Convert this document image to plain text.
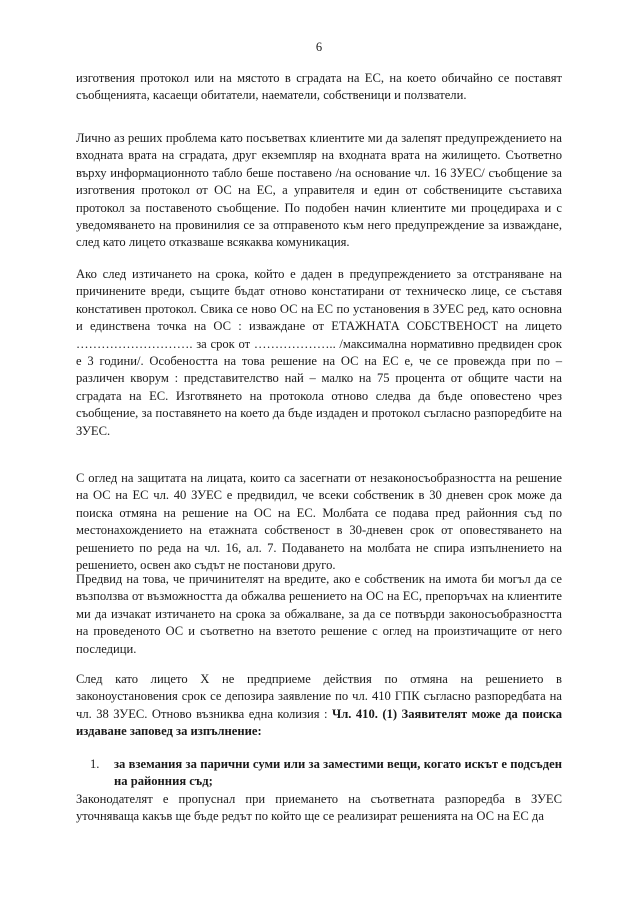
6

изготвения протокол или на мястото в сградата на ЕС, на което обичайно се поставят съобщенията, касаещи обитатели, наематели, собственици и ползватели.

Лично аз реших проблема като посъветвах клиентите ми да залепят предупреждението на входната врата на сградата, друг екземпляр на входната врата на жилището. Съответно върху информационното табло беше поставено /на основание чл. 16 ЗУЕС/ съобщение за изготвения протокол от ОС на ЕС, а управителя и един от собствениците съставиха протокол за поставеното съобщение. По подобен начин клиентите ми процедираха и с уведомяването на провинилия се за отправеното към него предупреждение за изваждане, след като лицето отказваше всякаква комуникация.

Ако след изтичането на срока, който е даден в предупреждението за отстраняване на причинените вреди, същите бъдат отново констатирани от техническо лице, се съставя констативен протокол. Свика се ново ОС на ЕС по установения в ЗУЕС ред, като основна и единствена точка на ОС : изваждане от ЕТАЖНАТА СОБСТВЕНОСТ на лицето ………………………. за срок от ……………….. /максимална нормативно предвиден срок е 3 години/. Особеността на това решение на ОС на ЕС е, че се провежда при по – различен кворум : представителство най – малко на 75 процента от общите части на сградата на ЕС. Изготвянето на протокола отново следва да бъде оповестено чрез съобщение, за поставянето на което да бъде издаден и протокол съгласно разпоредбите на ЗУЕС.

С оглед на защитата на лицата, които са засегнати от незаконосъобразността на решение на ОС на ЕС чл. 40 ЗУЕС е предвидил, че всеки собственик в 30 дневен срок може да поиска отмяна на решение на ОС на ЕС. Молбата се подава пред районния съд по местонахождението на етажната собственост в 30-дневен срок от оповестяването на решението по реда на чл. 16, ал. 7. Подаването на молбата не спира изпълнението на решението, освен ако съдът не постанови друго.

Предвид на това, че причинителят на вредите, ако е собственик на имота би могъл да се възползва от възможността да обжалва решението на ОС на ЕС, препоръчах на клиентите ми да изчакат изтичането на срока за обжалване, за да се потвърди законосъобразността на проведеното ОС и съответно на взетото решение с оглед на произтичащите от него последици.

След като лицето Х не предприеме действия по отмяна на решението в законоустановения срок се депозира заявление по чл. 410 ГПК съгласно разпоредбата на чл. 38 ЗУЕС. Отново възниква една колизия : Чл. 410. (1) Заявителят може да поиска издаване заповед за изпълнение:

1. за вземания за парични суми или за заместими вещи, когато искът е подсъден на районния съд;

Законодателят е пропуснал при приемането на съответната разпоредба в ЗУЕС уточняваща какъв ще бъде редът по който ще се реализират решенията на ОС на ЕС да
